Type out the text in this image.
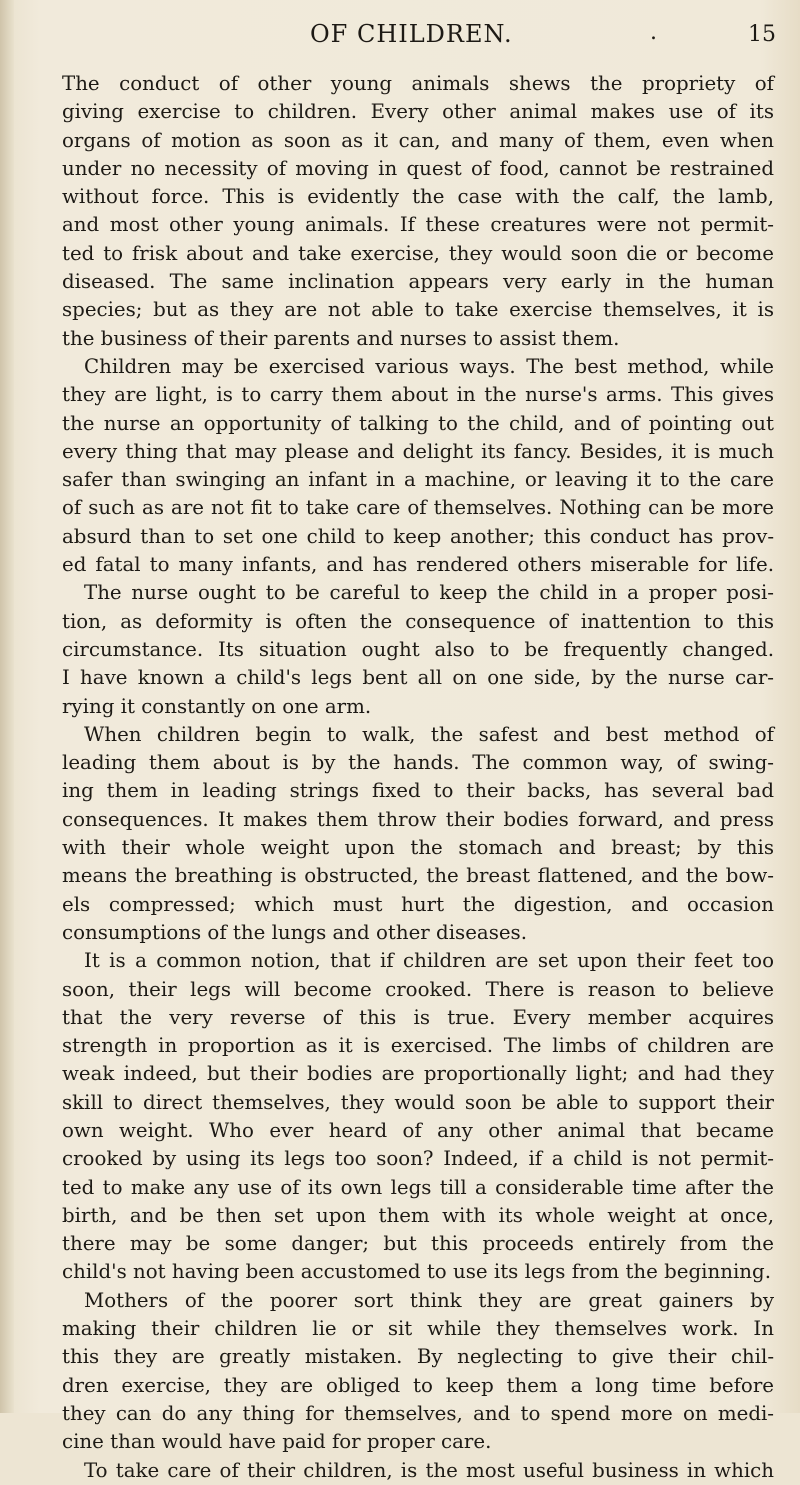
OF CHILDREN.	.	15
The conduct of other young animals shews the propriety of
giving exercise to children. Every other animal makes use of its
organs of motion as soon as it can, and many of them, even when
under no necessity of moving in quest of food, cannot be restrained
without force. This is evidently the case with the calf, the lamb,
and most other young animals. If these creatures were not permit-
ted to frisk about and take exercise, they would soon die or become
diseased. The same inclination appears very early in the human
species; but as they are not able to take exercise themselves, it is
the business of their parents and nurses to assist them.
Children may be exercised various ways. The best method, while
they are light, is to carry them about in the nurse's arms. This gives
the nurse an opportunity of talking to the child, and of pointing out
every thing that may please and delight its fancy. Besides, it is much
safer than swinging an infant in a machine, or leaving it to the care
of such as are not fit to take care of themselves. Nothing can be more
absurd than to set one child to keep another; this conduct has prov-
ed fatal to many infants, and has rendered others miserable for life.
The nurse ought to be careful to keep the child in a proper posi-
tion, as deformity is often the consequence of inattention to this
circumstance. Its situation ought also to be frequently changed.
I have known a child's legs bent all on one side, by the nurse car-
rying it constantly on one arm.
When children begin to walk, the safest and best method of
leading them about is by the hands. The common way, of swing-
ing them in leading strings fixed to their backs, has several bad
consequences. It makes them throw their bodies forward, and press
with their whole weight upon the stomach and breast; by this
means the breathing is obstructed, the breast flattened, and the bow-
els compressed; which must hurt the digestion, and occasion
consumptions of the lungs and other diseases.
It is a common notion, that if children are set upon their feet too
soon, their legs will become crooked. There is reason to believe
that the very reverse of this is true. Every member acquires
strength in proportion as it is exercised. The limbs of children are
weak indeed, but their bodies are proportionally light; and had they
skill to direct themselves, they would soon be able to support their
own weight. Who ever heard of any other animal that became
crooked by using its legs too soon? Indeed, if a child is not permit-
ted to make any use of its own legs till a considerable time after the
birth, and be then set upon them with its whole weight at once,
there may be some danger; but this proceeds entirely from the
child's not having been accustomed to use its legs from the beginning.
Mothers of the poorer sort think they are great gainers by
making their children lie or sit while they themselves work. In
this they are greatly mistaken. By neglecting to give their chil-
dren exercise, they are obliged to keep them a long time before
they can do any thing for themselves, and to spend more on medi-
cine than would have paid for proper care.
To take care of their children, is the most useful business in which
